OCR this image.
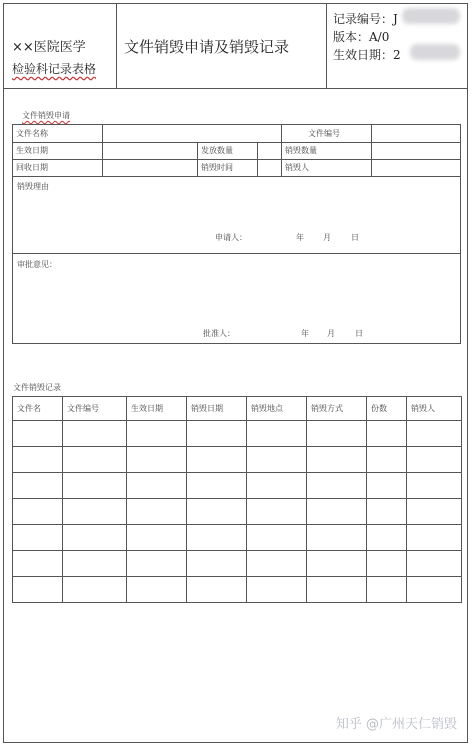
××医院医学
检验科记录表格
文件销毁申请及销毁记录
记录编号：J
版本：A/0
生效日期：2
文件销毁申请
文件名称	文件编号
生效日期	发放数量	销毁数量
回收日期	销毁时间	销毁人
销毁理由
申请人：	年 月	日
审批意见：
批准人：	年 月	日
文件销毁记录
文件名	文件编号	生效日期	销毁日期	销毁地点	销毁方式	份数	销毁人

知乎 @广州天仁销毁
